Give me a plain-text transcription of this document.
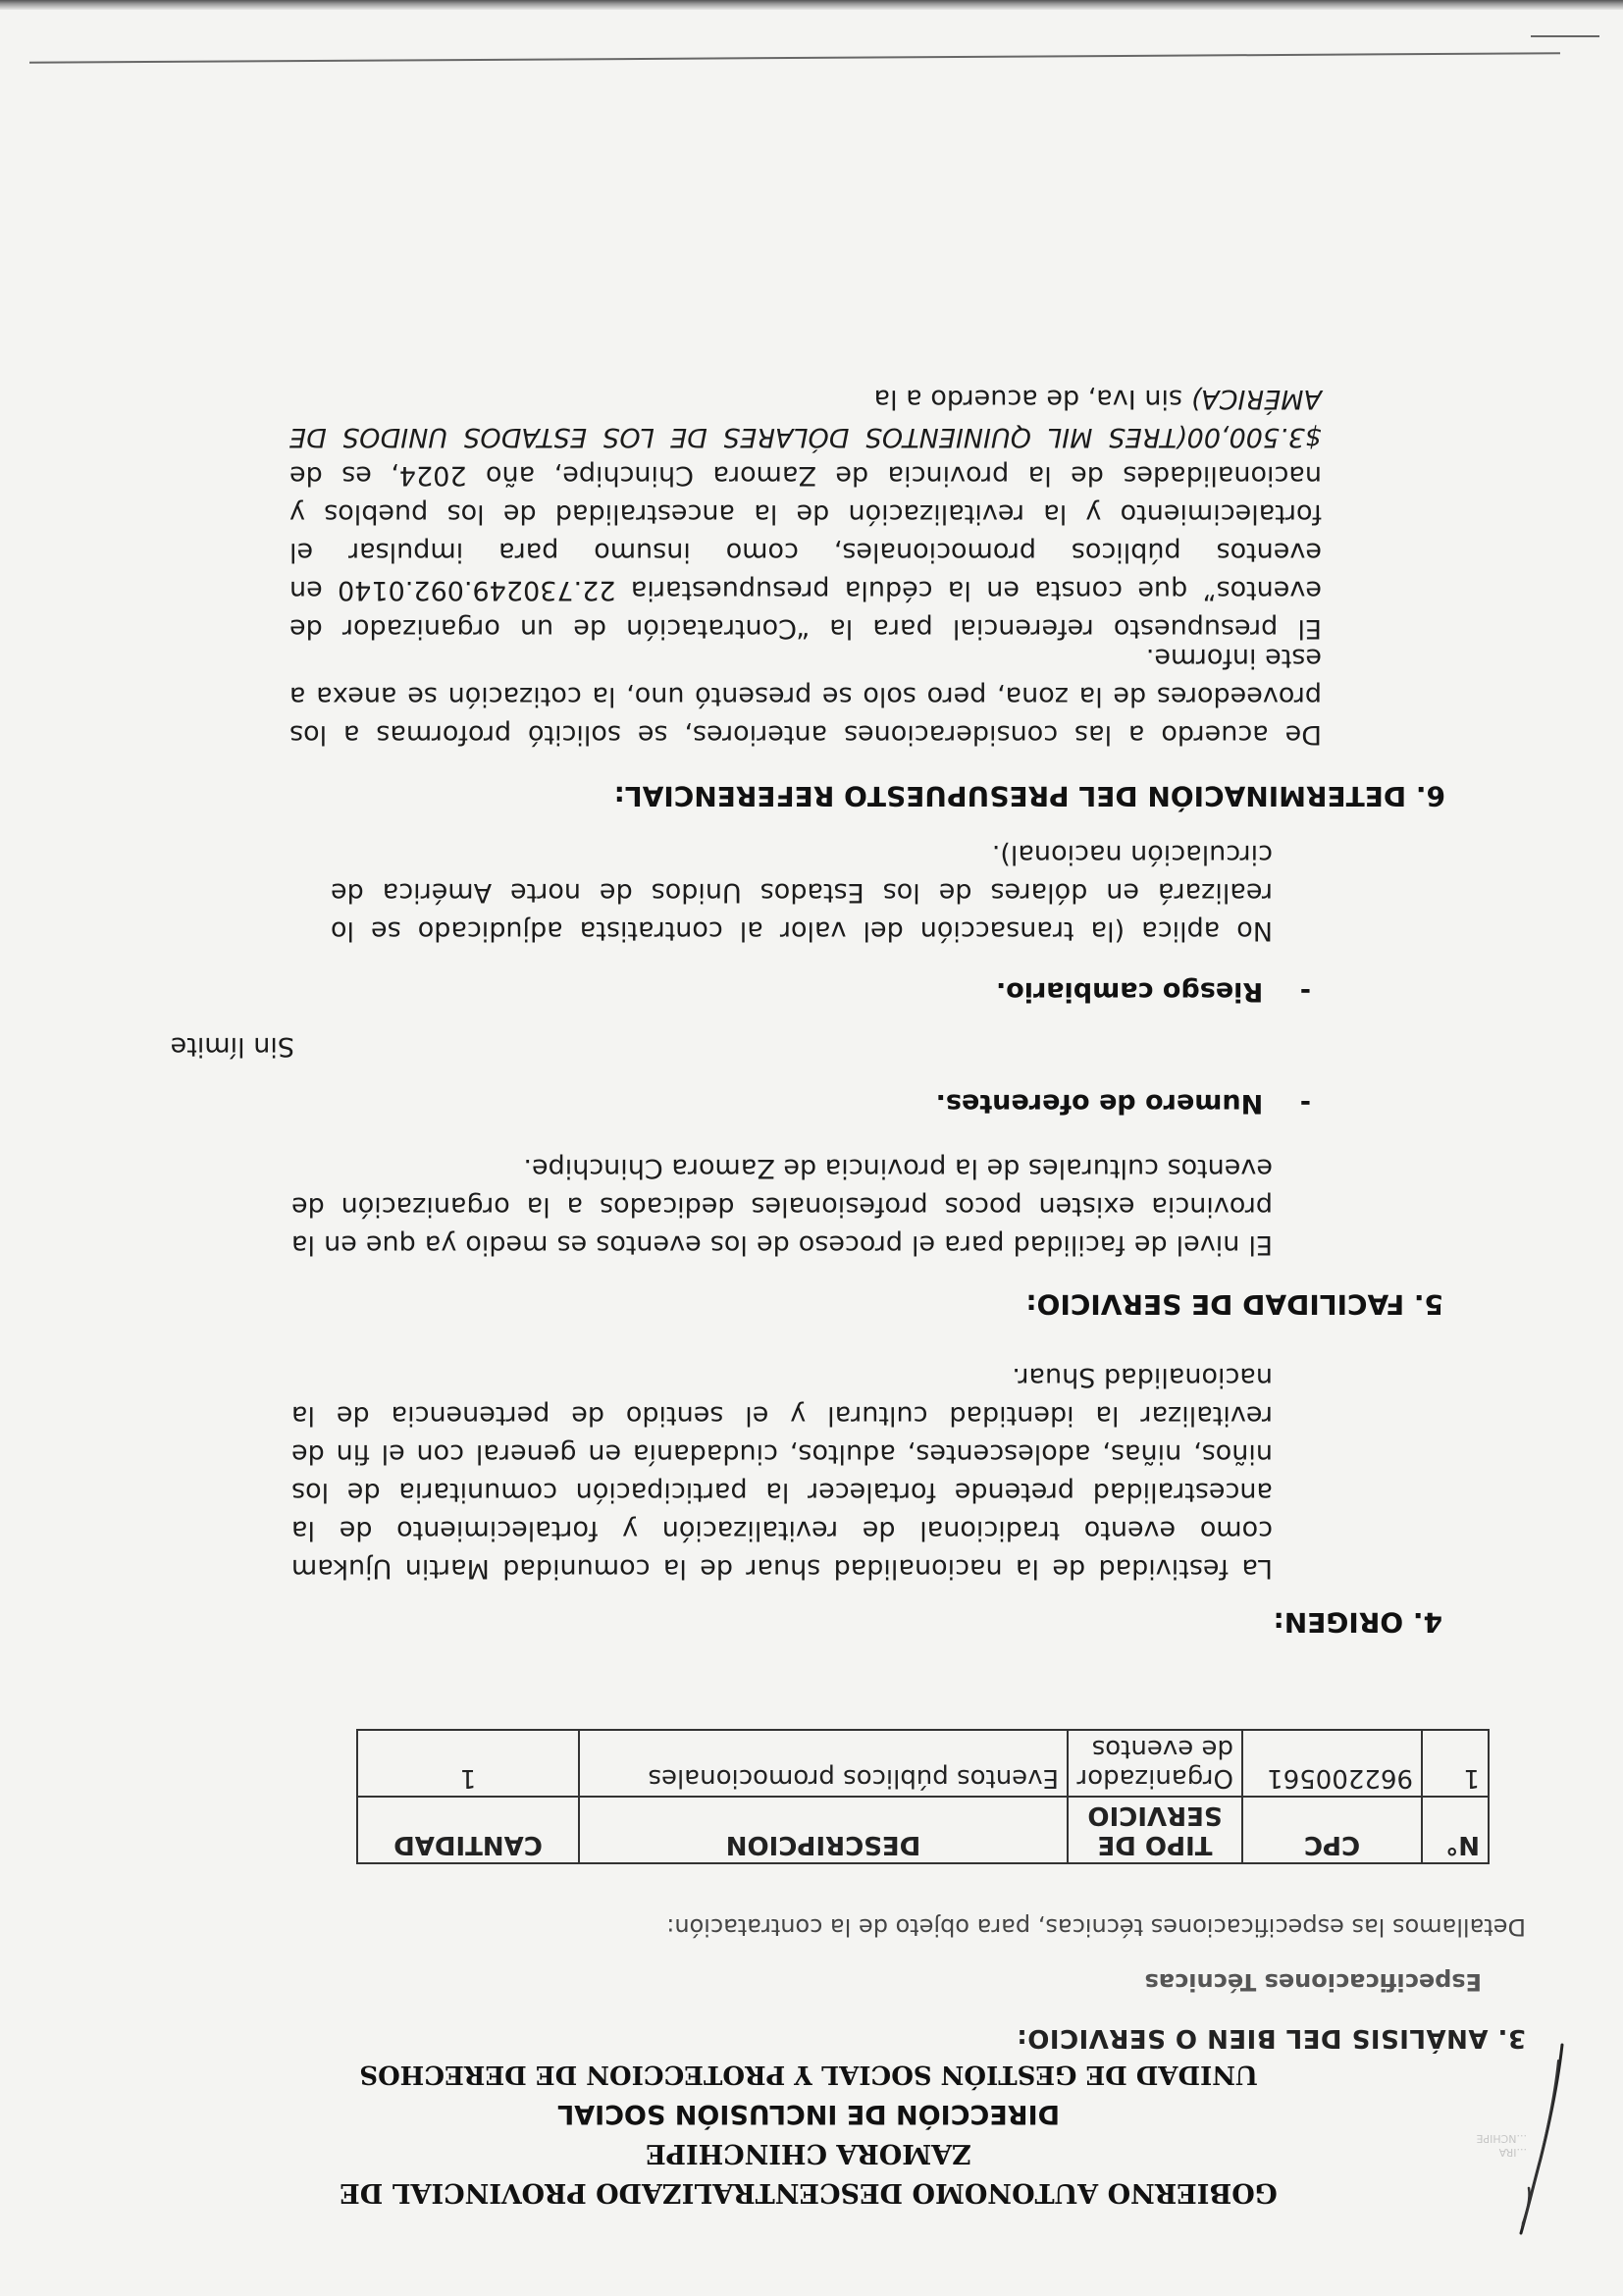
GOBIERNO AUTONOMO DESCENTRALIZADO PROVINCIAL DE ZAMORA CHINCHIPE
DIRECCIÓN DE INCLUSIÓN SOCIAL
UNIDAD DE GESTIÓN SOCIAL Y PROTECCION DE DERECHOS
...IRA
...NCHIPE
3. ANÁLISIS DEL BIEN O SERVICIO:
Especificaciones Técnicas
Detallamos las especificaciones técnicas, para objeto de la contratación:
N°	CPC	TIPO DE SERVICIO	DESCRIPCION	CANTIDAD
1	962200561	Organizador de eventos	Eventos públicos promocionales	1
4. ORIGEN:
La festividad de la nacionalidad shuar de la comunidad Martin Ujukam como evento tradicional de revitalización y fortalecimiento de la ancestralidad pretende fortalecer la participación comunitaria de los niños, niñas, adolescentes, adultos, ciudadanía en general con el fin de revitalizar la identidad cultural y el sentido de pertenencia de la nacionalidad Shuar.
5. FACILIDAD DE SERVICIO:
El nivel de facilidad para el proceso de los eventos es medio ya que en la provincia existen pocos profesionales dedicados a la organización de eventos culturales de la provincia de Zamora Chinchipe.
-    Numero de oferentes.
Sin límite
-    Riesgo cambiario.
No aplica (la transacción del valor al contratista adjudicado se lo realizará en dólares de los Estados Unidos de norte América de circulación nacional).
6. DETERMINACIÓN DEL PRESUPUESTO REFERENCIAL:
De acuerdo a las consideraciones anteriores, se solicitó proformas a los proveedores de la zona, pero solo se presentó uno, la cotización se anexa a este informe.
El presupuesto referencial para la “Contratación de un organizador de eventos” que consta en la cédula presupuestaria 22.730249.092.0140 en eventos públicos promocionales, como insumo para impulsar el fortalecimiento y la revitalización de la ancestralidad de los pueblos y nacionalidades de la provincia de Zamora Chinchipe, año 2024, es de $3.500,00(TRES MIL QUINIENTOS DÓLARES DE LOS ESTADOS UNIDOS DE AMÉRICA) sin Iva, de acuerdo a la
